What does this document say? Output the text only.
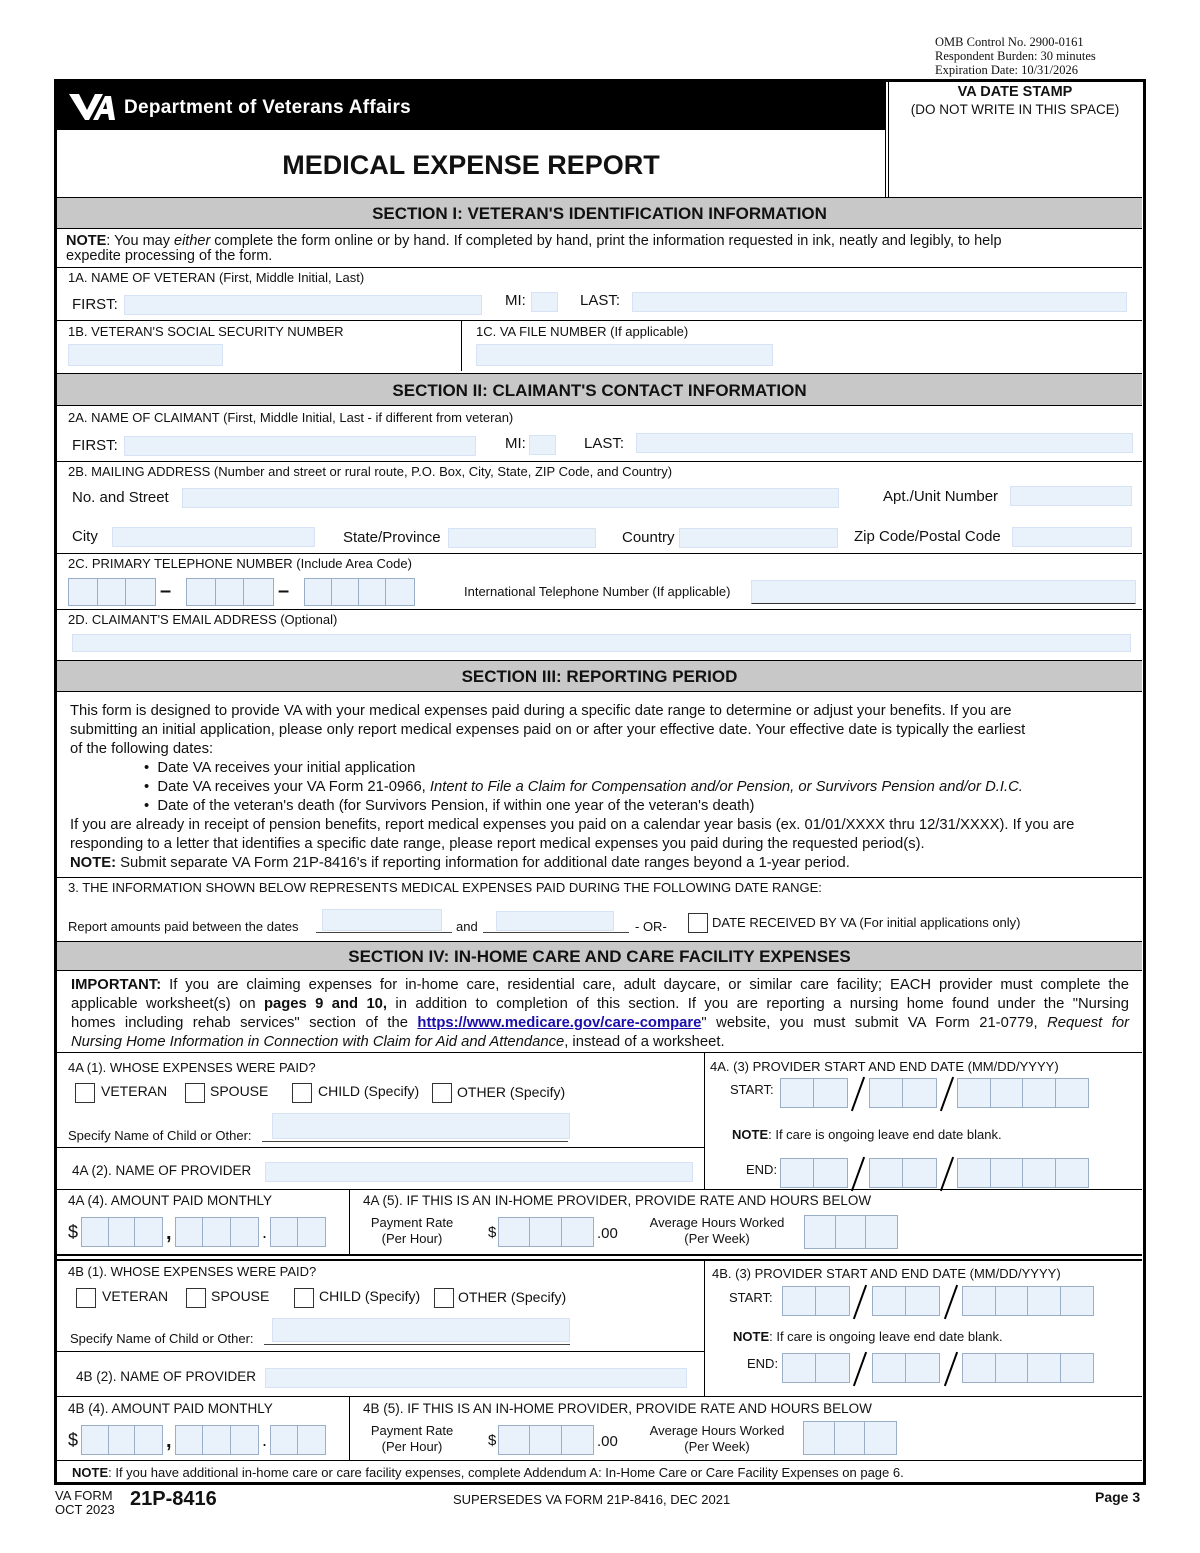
OMB Control No. 2900-0161
Respondent Burden: 30 minutes
Expiration Date: 10/31/2026
Department of Veterans Affairs
MEDICAL EXPENSE REPORT
VA DATE STAMP
(DO NOT WRITE IN THIS SPACE)
SECTION I: VETERAN'S IDENTIFICATION INFORMATION
NOTE: You may either complete the form online or by hand. If completed by hand, print the information requested in ink, neatly and legibly, to help
expedite processing of the form.
1A. NAME OF VETERAN (First, Middle Initial, Last)
FIRST:	MI:	LAST:
1B. VETERAN'S SOCIAL SECURITY NUMBER	1C. VA FILE NUMBER (If applicable)
SECTION II: CLAIMANT'S CONTACT INFORMATION
2A. NAME OF CLAIMANT (First, Middle Initial, Last - if different from veteran)
FIRST:	MI:	LAST:
2B. MAILING ADDRESS (Number and street or rural route, P.O. Box, City, State, ZIP Code, and Country)
No. and Street	Apt./Unit Number
City	State/Province	Country	Zip Code/Postal Code
2C. PRIMARY TELEPHONE NUMBER (Include Area Code)
–	–	International Telephone Number (If applicable)
2D. CLAIMANT'S EMAIL ADDRESS (Optional)
SECTION III: REPORTING PERIOD
This form is designed to provide VA with your medical expenses paid during a specific date range to determine or adjust your benefits. If you are
submitting an initial application, please only report medical expenses paid on or after your effective date. Your effective date is typically the earliest
of the following dates:
•  Date VA receives your initial application
•  Date VA receives your VA Form 21-0966, Intent to File a Claim for Compensation and/or Pension, or Survivors Pension and/or D.I.C.
•  Date of the veteran's death (for Survivors Pension, if within one year of the veteran's death)
If you are already in receipt of pension benefits, report medical expenses you paid on a calendar year basis (ex. 01/01/XXXX thru 12/31/XXXX). If you are
responding to a letter that identifies a specific date range, please report medical expenses you paid during the requested period(s).
NOTE: Submit separate VA Form 21P-8416's if reporting information for additional date ranges beyond a 1-year period.
3. THE INFORMATION SHOWN BELOW REPRESENTS MEDICAL EXPENSES PAID DURING THE FOLLOWING DATE RANGE:
Report amounts paid between the dates	and	- OR-	DATE RECEIVED BY VA (For initial applications only)
SECTION IV: IN-HOME CARE AND CARE FACILITY EXPENSES
IMPORTANT: If you are claiming expenses for in-home care, residential care, adult daycare, or similar care facility; EACH provider must complete the
applicable worksheet(s) on pages 9 and 10, in addition to completion of this section. If you are reporting a nursing home found under the "Nursing
homes including rehab services" section of the https://www.medicare.gov/care-compare" website, you must submit VA Form 21-0779, Request for
Nursing Home Information in Connection with Claim for Aid and Attendance, instead of a worksheet.
4A (1). WHOSE EXPENSES WERE PAID?
VETERAN	SPOUSE	CHILD (Specify)	OTHER (Specify)
Specify Name of Child or Other:
4A (2). NAME OF PROVIDER
4A. (3) PROVIDER START AND END DATE (MM/DD/YYYY)
START:
NOTE: If care is ongoing leave end date blank.
END:
4A (4). AMOUNT PAID MONTHLY
$	,	.
4A (5). IF THIS IS AN IN-HOME PROVIDER, PROVIDE RATE AND HOURS BELOW
Payment Rate
(Per Hour)	$	.00
Average Hours Worked
(Per Week)
4B (1). WHOSE EXPENSES WERE PAID?
VETERAN	SPOUSE	CHILD (Specify)	OTHER (Specify)
Specify Name of Child or Other:
4B (2). NAME OF PROVIDER
4B. (3) PROVIDER START AND END DATE (MM/DD/YYYY)
START:
NOTE: If care is ongoing leave end date blank.
END:
4B (4). AMOUNT PAID MONTHLY
$	,	.
4B (5). IF THIS IS AN IN-HOME PROVIDER, PROVIDE RATE AND HOURS BELOW
Payment Rate
(Per Hour)	$	.00
Average Hours Worked
(Per Week)
NOTE: If you have additional in-home care or care facility expenses, complete Addendum A: In-Home Care or Care Facility Expenses on page 6.
VA FORM
OCT 2023 21P-8416	SUPERSEDES VA FORM 21P-8416, DEC 2021	Page 3
